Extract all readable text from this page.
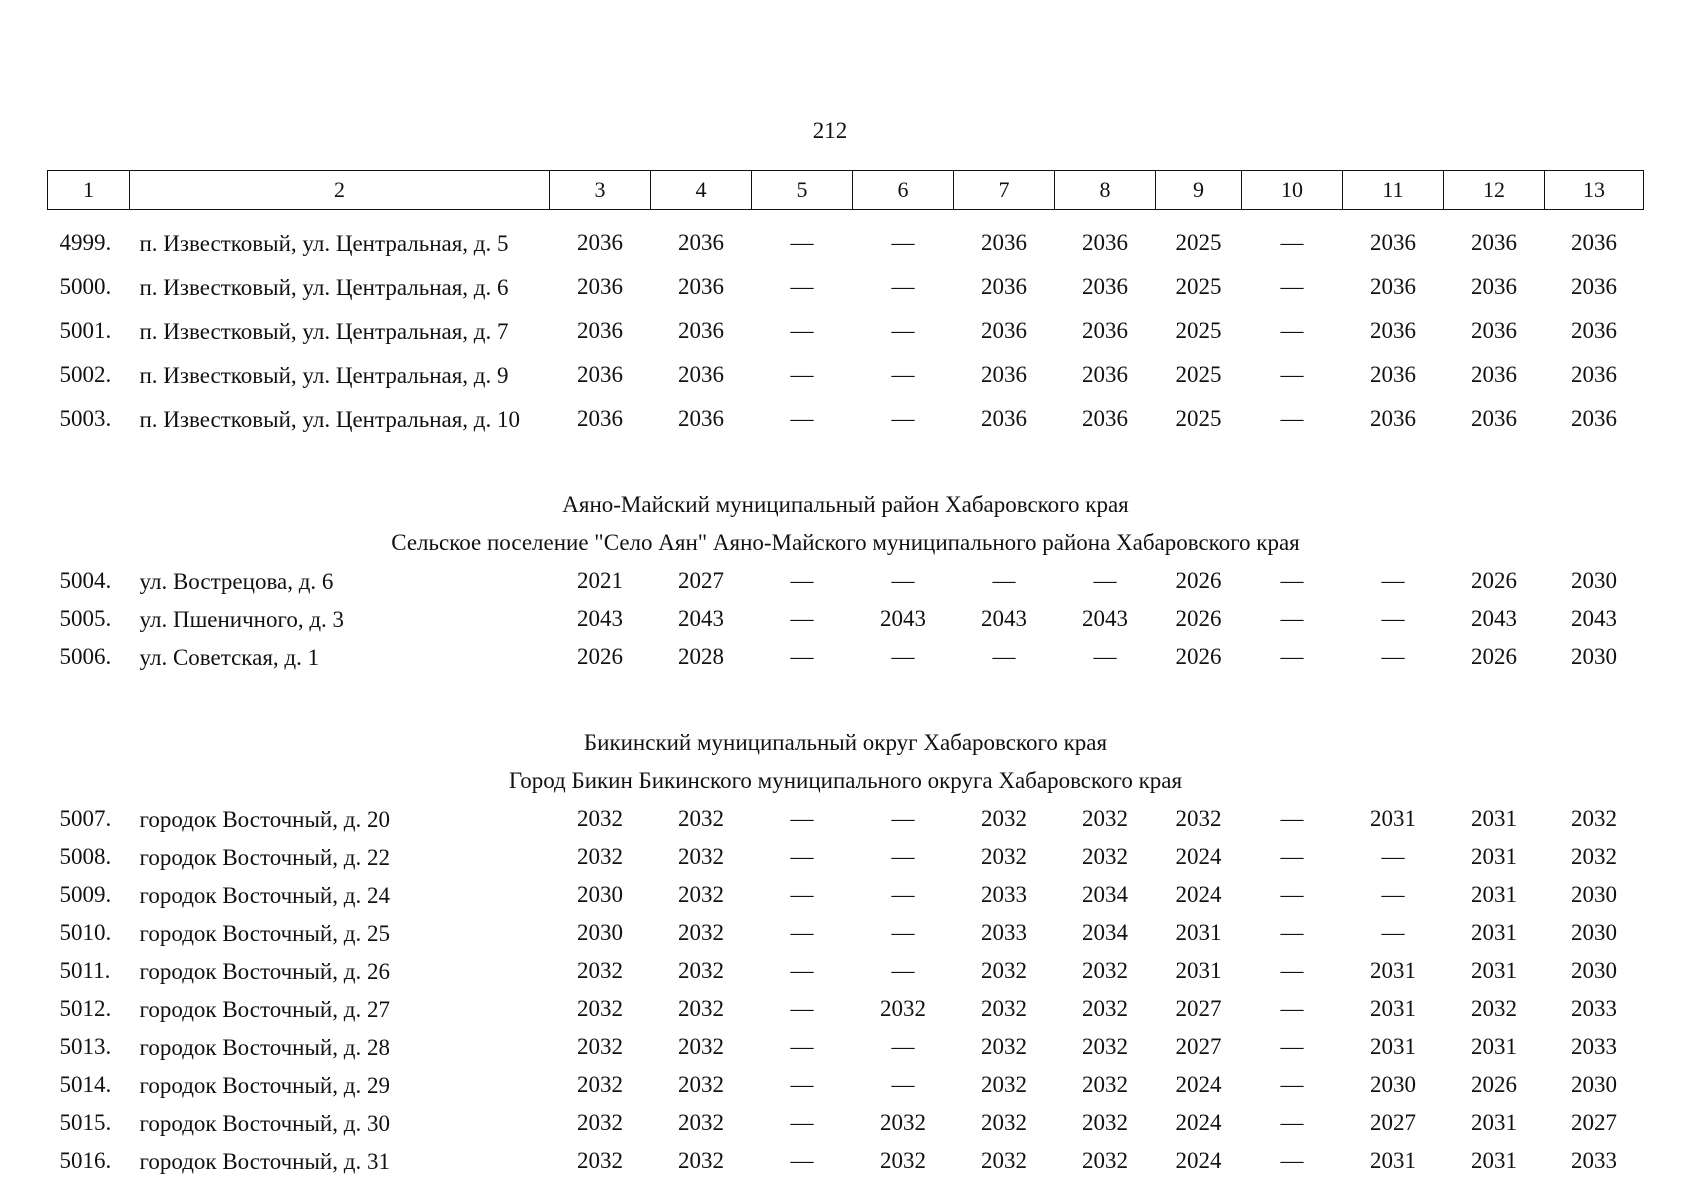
212
1	2	3	4	5	6	7	8	9	10	11	12	13

4999.	п. Известковый, ул. Центральная, д. 5	2036	2036	—	—	2036	2036	2025	—	2036	2036	2036
5000.	п. Известковый, ул. Центральная, д. 6	2036	2036	—	—	2036	2036	2025	—	2036	2036	2036
5001.	п. Известковый, ул. Центральная, д. 7	2036	2036	—	—	2036	2036	2025	—	2036	2036	2036
5002.	п. Известковый, ул. Центральная, д. 9	2036	2036	—	—	2036	2036	2025	—	2036	2036	2036
5003.	п. Известковый, ул. Центральная, д. 10	2036	2036	—	—	2036	2036	2025	—	2036	2036	2036

Аяно-Майский муниципальный район Хабаровского края												
Сельское поселение "Село Аян" Аяно-Майского муниципального района Хабаровского края												
5004.	ул. Вострецова, д. 6	2021	2027	—	—	—	—	2026	—	—	2026	2030
5005.	ул. Пшеничного, д. 3	2043	2043	—	2043	2043	2043	2026	—	—	2043	2043
5006.	ул. Советская, д. 1	2026	2028	—	—	—	—	2026	—	—	2026	2030

Бикинский муниципальный округ Хабаровского края												
Город Бикин Бикинского муниципального округа Хабаровского края												
5007.	городок Восточный, д. 20	2032	2032	—	—	2032	2032	2032	—	2031	2031	2032
5008.	городок Восточный, д. 22	2032	2032	—	—	2032	2032	2024	—	—	2031	2032
5009.	городок Восточный, д. 24	2030	2032	—	—	2033	2034	2024	—	—	2031	2030
5010.	городок Восточный, д. 25	2030	2032	—	—	2033	2034	2031	—	—	2031	2030
5011.	городок Восточный, д. 26	2032	2032	—	—	2032	2032	2031	—	2031	2031	2030
5012.	городок Восточный, д. 27	2032	2032	—	2032	2032	2032	2027	—	2031	2032	2033
5013.	городок Восточный, д. 28	2032	2032	—	—	2032	2032	2027	—	2031	2031	2033
5014.	городок Восточный, д. 29	2032	2032	—	—	2032	2032	2024	—	2030	2026	2030
5015.	городок Восточный, д. 30	2032	2032	—	2032	2032	2032	2024	—	2027	2031	2027
5016.	городок Восточный, д. 31	2032	2032	—	2032	2032	2032	2024	—	2031	2031	2033
